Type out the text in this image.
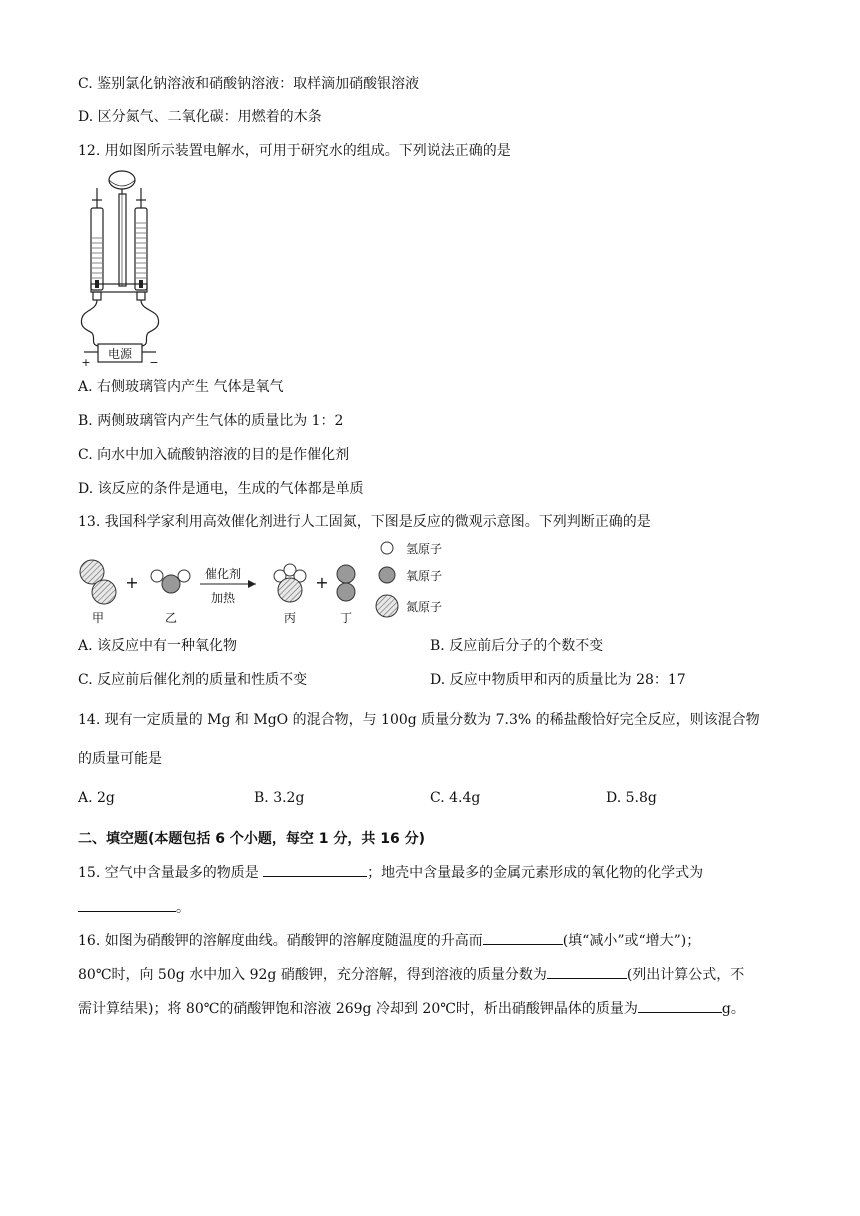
C. 鉴别氯化钠溶液和硝酸钠溶液：取样滴加硝酸银溶液
D. 区分氮气、二氧化碳：用燃着的木条
12. 用如图所示装置电解水，可用于研究水的组成。下列说法正确的是
电源
+	−
A. 右侧玻璃管内产生 气体是氧气
B. 两侧玻璃管内产生气体的质量比为 1：2
C. 向水中加入硫酸钠溶液的目的是作催化剂
D. 该反应的条件是通电，生成的气体都是单质
13. 我国科学家利用高效催化剂进行人工固氮，下图是反应的微观示意图。下列判断正确的是
+	催化剂
加热
+
甲	乙	丙	丁
氢原子
氧原子
氮原子
A. 该反应中有一种氧化物	B. 反应前后分子的个数不变
C. 反应前后催化剂的质量和性质不变	D. 反应中物质甲和丙的质量比为 28：17
14. 现有一定质量的 Mg 和 MgO 的混合物，与 100g 质量分数为 7.3% 的稀盐酸恰好完全反应，则该混合物
的质量可能是
A. 2g	B. 3.2g	C. 4.4g	D. 5.8g
二、填空题(本题包括 6 个小题，每空 1 分，共 16 分)
15. 空气中含量最多的物质是	；地壳中含量最多的金属元素形成的氧化物的化学式为
。
16. 如图为硝酸钾的溶解度曲线。硝酸钾的溶解度随温度的升高而	(填“减小”或“增大”)；
80℃时，向 50g 水中加入 92g 硝酸钾，充分溶解，得到溶液的质量分数为	(列出计算公式，不
需计算结果)；将 80℃的硝酸钾饱和溶液 269g 冷却到 20℃时，析出硝酸钾晶体的质量为	g。
